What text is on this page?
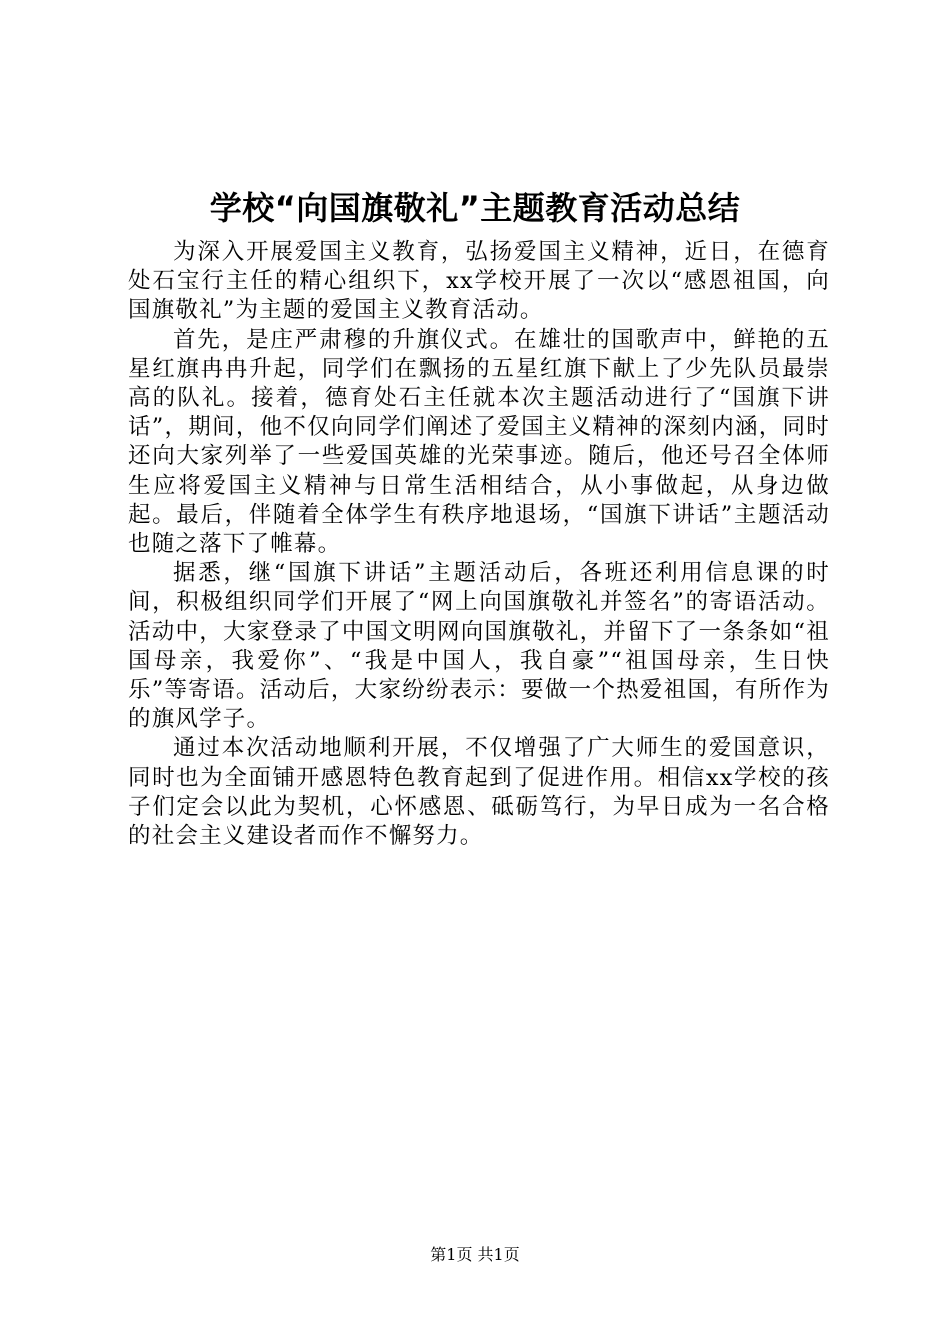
学校“向国旗敬礼”主题教育活动总结

为深入开展爱国主义教育，弘扬爱国主义精神，近日，在德育处石宝行主任的精心组织下，xx学校开展了一次以“感恩祖国，向国旗敬礼”为主题的爱国主义教育活动。

首先，是庄严肃穆的升旗仪式。在雄壮的国歌声中，鲜艳的五星红旗冉冉升起，同学们在飘扬的五星红旗下献上了少先队员最崇高的队礼。接着，德育处石主任就本次主题活动进行了“国旗下讲话”，期间，他不仅向同学们阐述了爱国主义精神的深刻内涵，同时还向大家列举了一些爱国英雄的光荣事迹。随后，他还号召全体师生应将爱国主义精神与日常生活相结合，从小事做起，从身边做起。最后，伴随着全体学生有秩序地退场，“国旗下讲话”主题活动也随之落下了帷幕。

据悉，继“国旗下讲话”主题活动后，各班还利用信息课的时间，积极组织同学们开展了“网上向国旗敬礼并签名”的寄语活动。活动中，大家登录了中国文明网向国旗敬礼，并留下了一条条如“祖国母亲，我爱你”、“我是中国人，我自豪”“祖国母亲，生日快乐”等寄语。活动后，大家纷纷表示：要做一个热爱祖国，有所作为的旗风学子。

通过本次活动地顺利开展，不仅增强了广大师生的爱国意识，同时也为全面铺开感恩特色教育起到了促进作用。相信xx学校的孩子们定会以此为契机，心怀感恩、砥砺笃行，为早日成为一名合格的社会主义建设者而作不懈努力。

第1页 共1页
